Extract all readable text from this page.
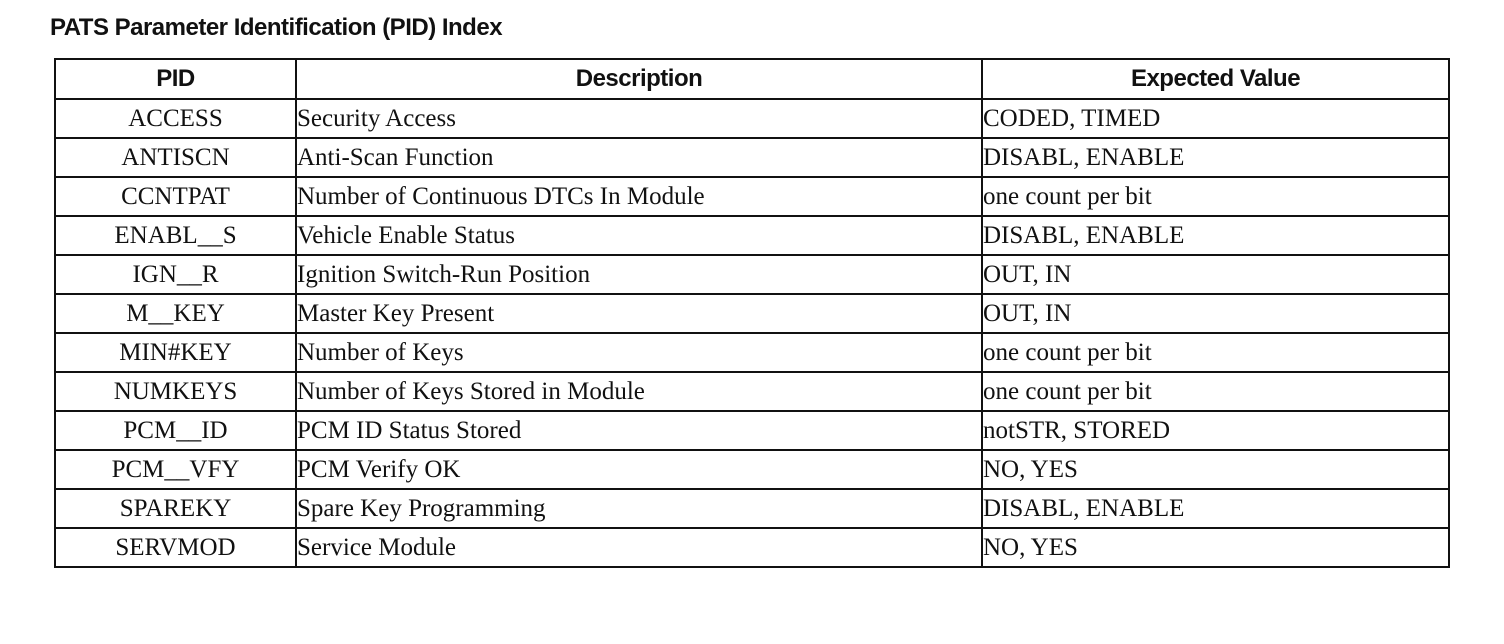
PATS Parameter Identification (PID) Index
PID	Description	Expected Value
ACCESS	Security Access	CODED, TIMED
ANTISCN	Anti-Scan Function	DISABL, ENABLE
CCNTPAT	Number of Continuous DTCs In Module	one count per bit
ENABL__S	Vehicle Enable Status	DISABL, ENABLE
IGN__R	Ignition Switch-Run Position	OUT, IN
M__KEY	Master Key Present	OUT, IN
MIN#KEY	Number of Keys	one count per bit
NUMKEYS	Number of Keys Stored in Module	one count per bit
PCM__ID	PCM ID Status Stored	notSTR, STORED
PCM__VFY	PCM Verify OK	NO, YES
SPAREKY	Spare Key Programming	DISABL, ENABLE
SERVMOD	Service Module	NO, YES
